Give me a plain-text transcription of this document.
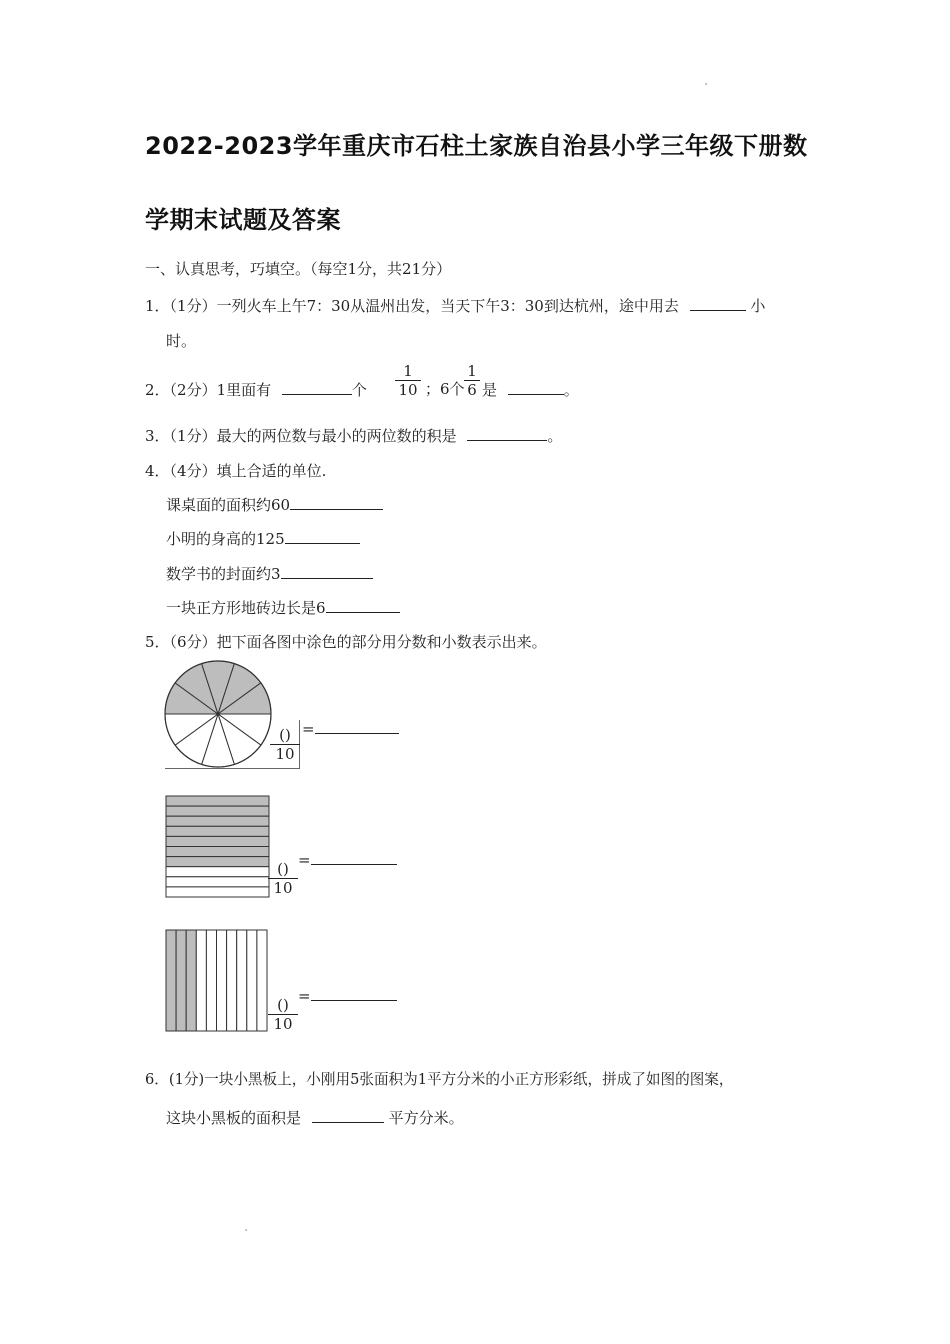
˛
˛
2022-2023学年重庆市石柱土家族自治县小学三年级下册数
学期末试题及答案
一、认真思考，巧填空。（每空1分，共21分）
1．（1分）一列火车上午7：30从温州出发，当天下午3：30到达杭州，途中用去	小
时。
2．（2分）1里面有	个 $\frac{1}{10}$ ；6个 $\frac{1}{6}$ 是	。
3．（1分）最大的两位数与最小的两位数的积是	。
4．（4分）填上合适的单位.
课桌面的面积约60
小明的身高的125
数学书的封面约3
一块正方形地砖边长是6
5．（6分）把下面各图中涂色的部分用分数和小数表示出来。
()
10
=
()
10
=
()
10
=
6．(1分)一块小黑板上，小刚用5张面积为1平方分米的小正方形彩纸，拼成了如图的图案，
这块小黑板的面积是	平方分米。
